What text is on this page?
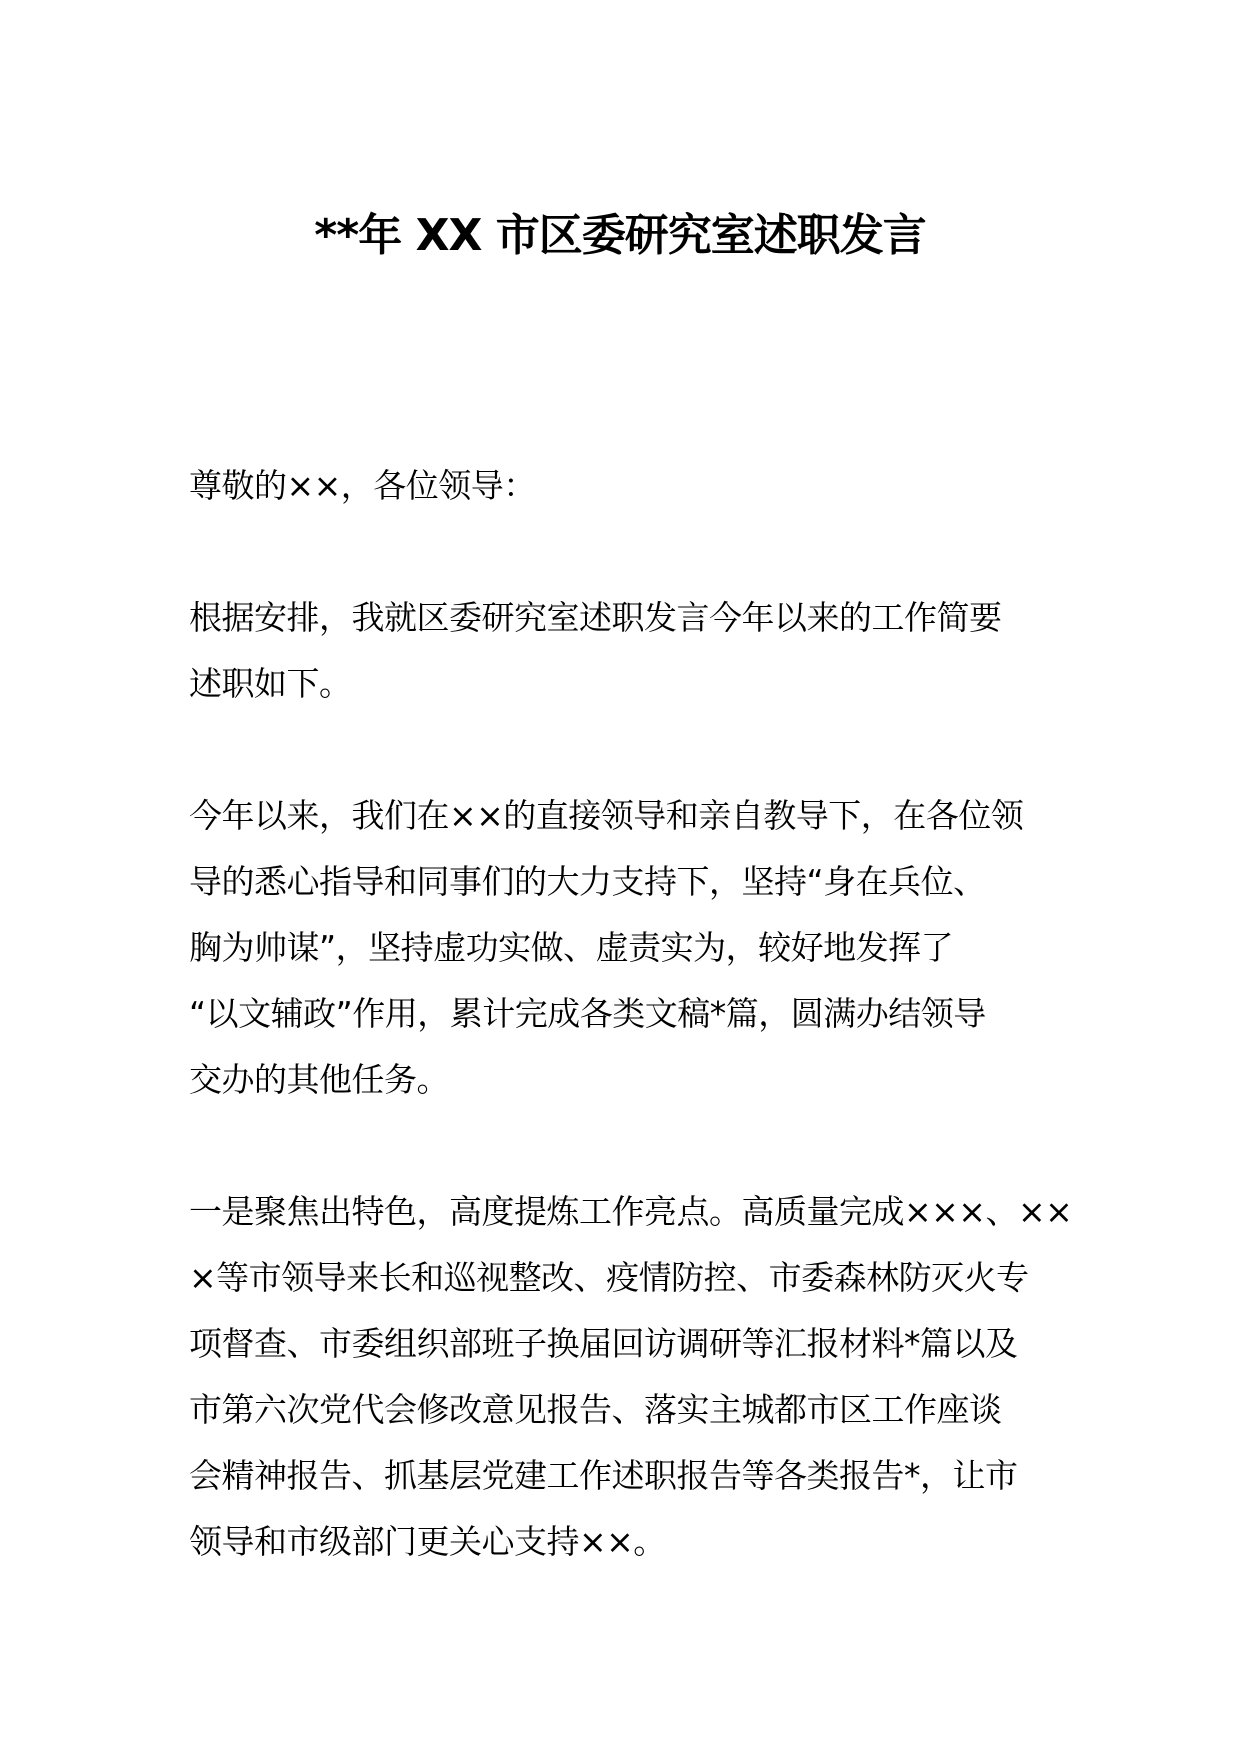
**年 XX 市区委研究室述职发言
尊敬的××，各位领导：
根据安排，我就区委研究室述职发言今年以来的工作简要
述职如下。
今年以来，我们在××的直接领导和亲自教导下，在各位领
导的悉心指导和同事们的大力支持下，坚持“身在兵位、
胸为帅谋”，坚持虚功实做、虚责实为，较好地发挥了
“以文辅政”作用，累计完成各类文稿*篇，圆满办结领导
交办的其他任务。
一是聚焦出特色，高度提炼工作亮点。高质量完成×××、××
×等市领导来长和巡视整改、疫情防控、市委森林防灭火专
项督查、市委组织部班子换届回访调研等汇报材料*篇以及
市第六次党代会修改意见报告、落实主城都市区工作座谈
会精神报告、抓基层党建工作述职报告等各类报告*，让市
领导和市级部门更关心支持××。
